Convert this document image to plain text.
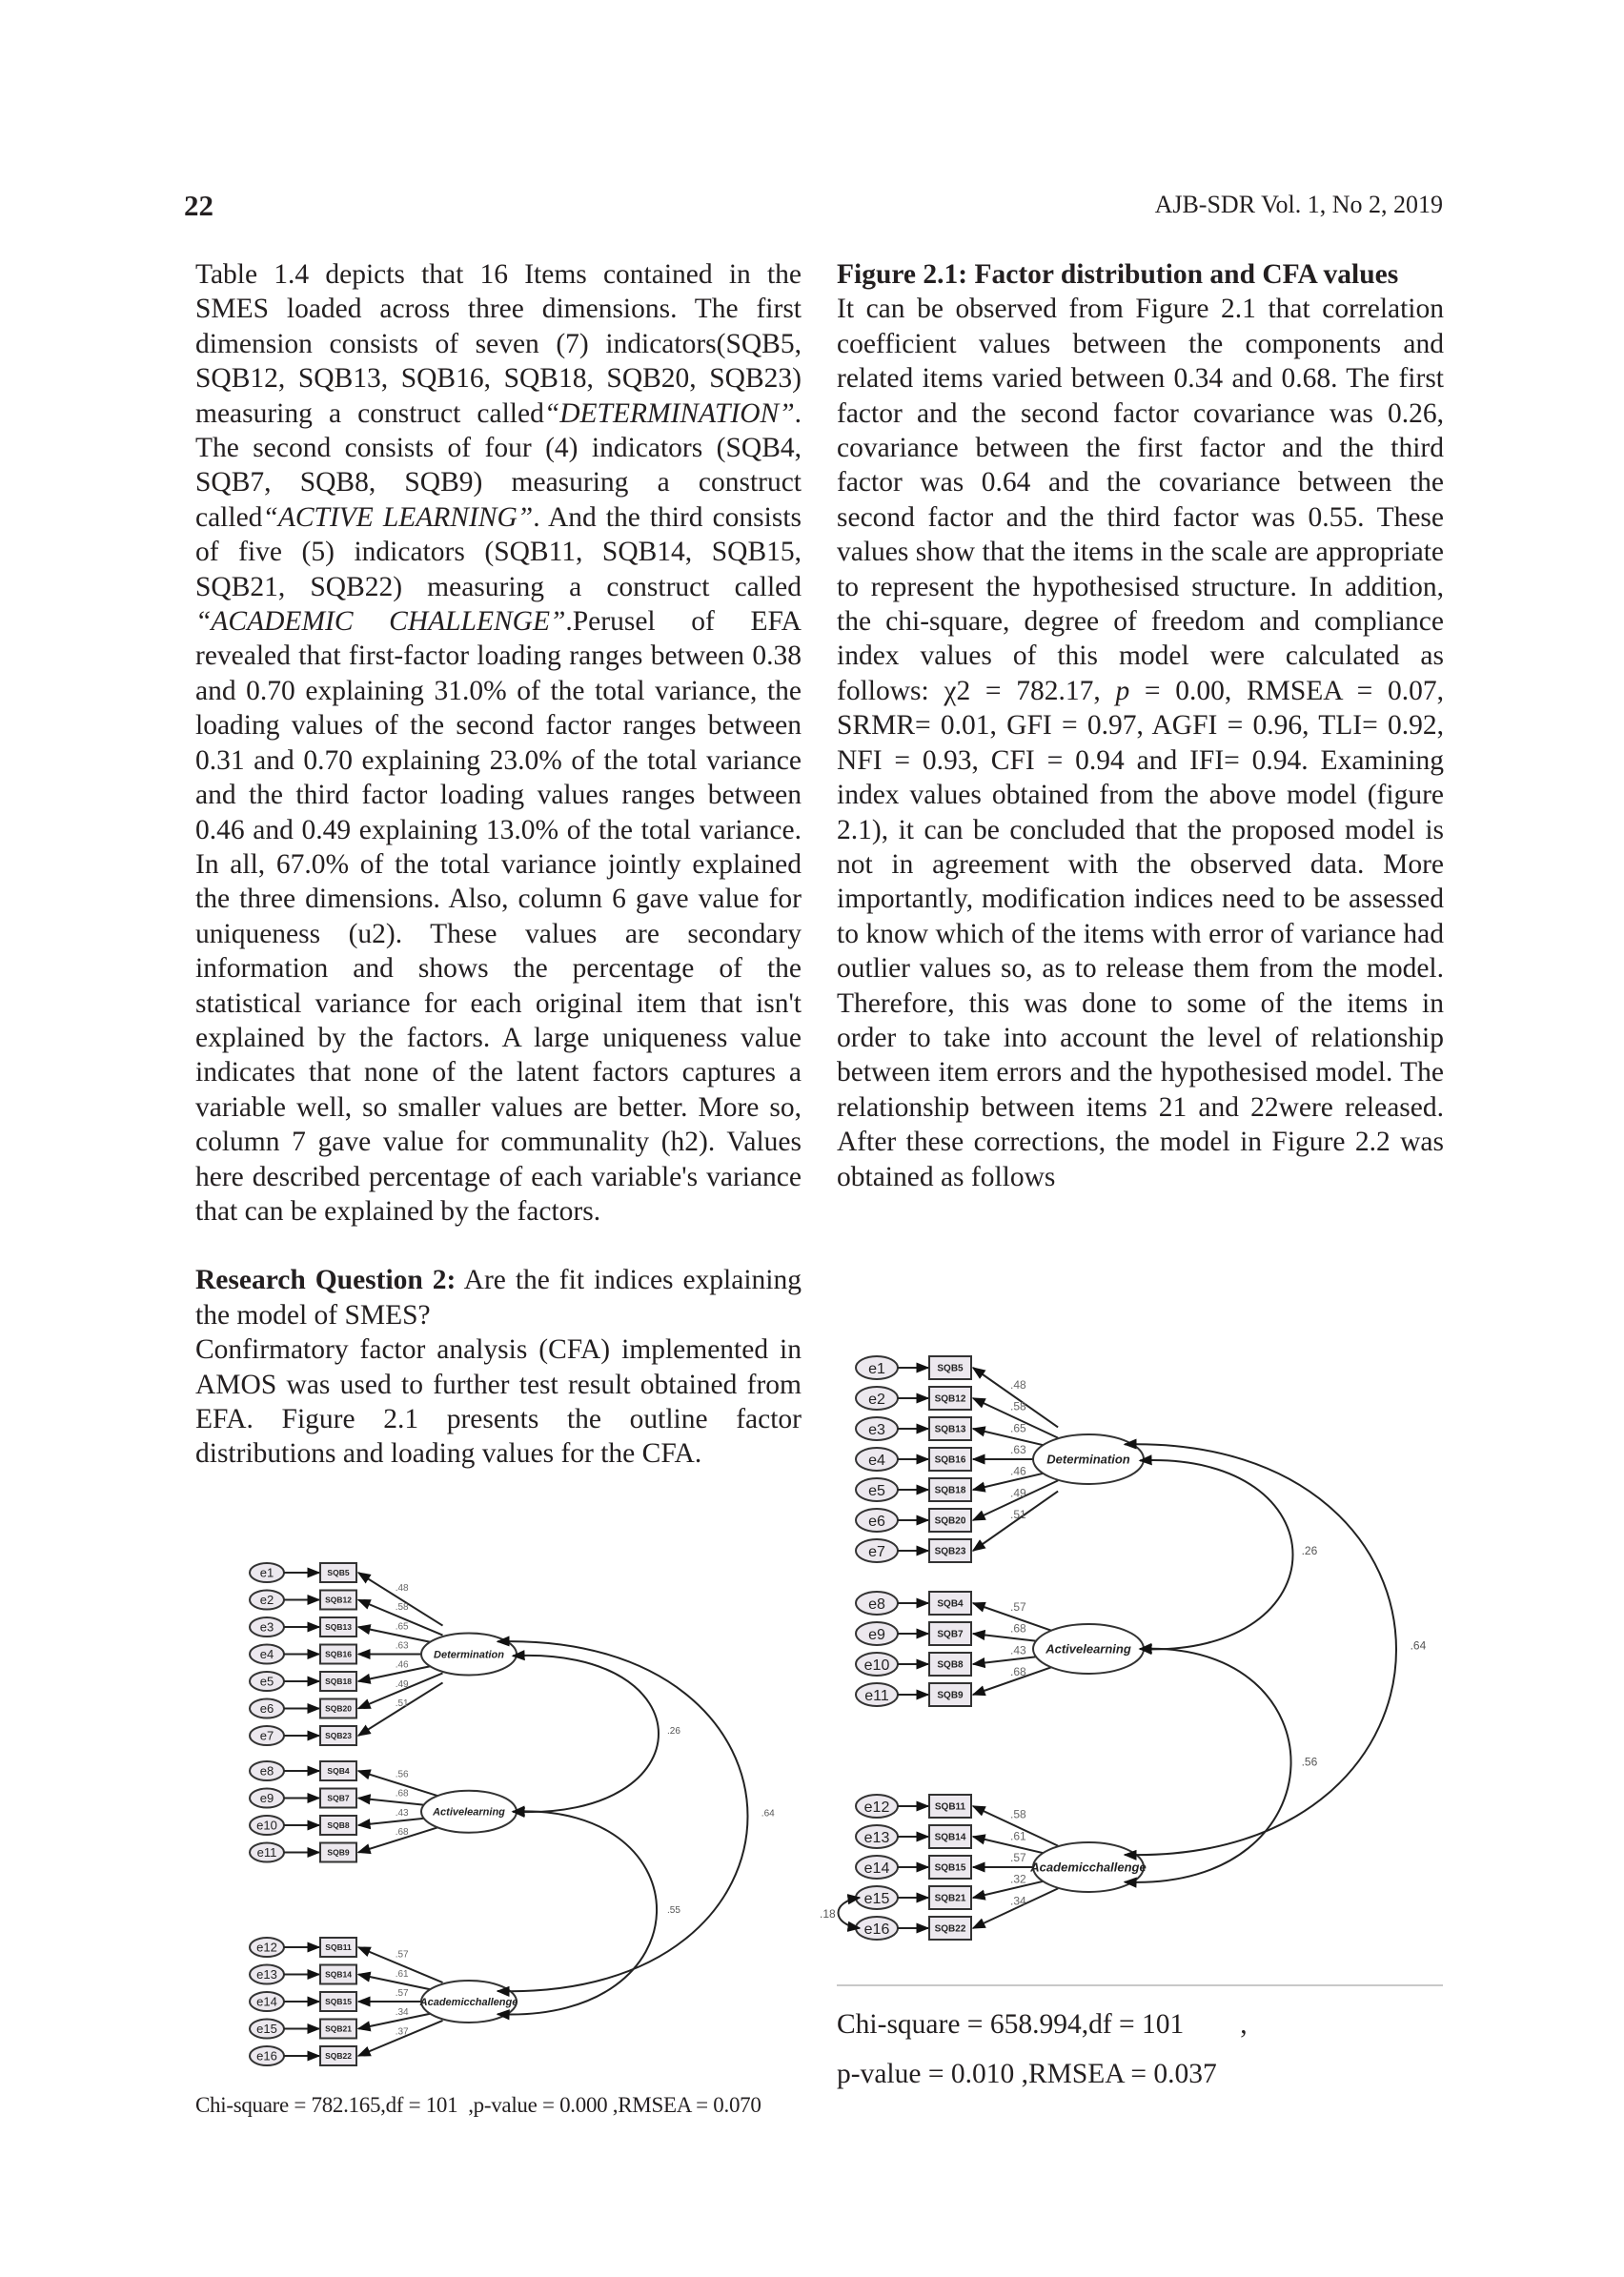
22	AJB-SDR Vol. 1, No 2, 2019

Table 1.4 depicts that 16 Items contained in the SMES loaded across three dimensions. The first dimension consists of seven (7) indicators(SQB5, SQB12, SQB13, SQB16, SQB18, SQB20, SQB23) measuring a construct called“DETERMINATION”. The second consists of four (4) indicators (SQB4, SQB7, SQB8, SQB9) measuring a construct called“ACTIVE LEARNING”. And the third consists of five (5) indicators (SQB11, SQB14, SQB15, SQB21, SQB22) measuring a construct called “ACADEMIC CHALLENGE”.Perusel of EFA revealed that first-factor loading ranges between 0.38 and 0.70 explaining 31.0% of the total variance, the loading values of the second factor ranges between 0.31 and 0.70 explaining 23.0% of the total variance and the third factor loading values ranges between 0.46 and 0.49 explaining 13.0% of the total variance. In all, 67.0% of the total variance jointly explained the three dimensions. Also, column 6 gave value for uniqueness (u2). These values are secondary information and shows the percentage of the statistical variance for each original item that isn't explained by the factors. A large uniqueness value indicates that none of the latent factors captures a variable well, so smaller values are better. More so, column 7 gave value for communality (h2). Values here described percentage of each variable's variance that can be explained by the factors.

Research Question 2: Are the fit indices explaining the model of SMES?

Confirmatory factor analysis (CFA) implemented in AMOS was used to further test result obtained from EFA. Figure 2.1 presents the outline factor distributions and loading values for the CFA.

Figure 2.1: Factor distribution and CFA values

It can be observed from Figure 2.1 that correlation coefficient values between the components and related items varied between 0.34 and 0.68. The first factor and the second factor covariance was 0.26, covariance between the first factor and the third factor was 0.64 and the covariance between the second factor and the third factor was 0.55. These values show that the items in the scale are appropriate to represent the hypothesised structure. In addition, the chi-square, degree of freedom and compliance index values of this model were calculated as follows: χ2 = 782.17, p = 0.00, RMSEA = 0.07, SRMR= 0.01, GFI = 0.97, AGFI = 0.96, TLI= 0.92, NFI = 0.93, CFI = 0.94 and IFI= 0.94. Examining index values obtained from the above model (figure 2.1), it can be concluded that the proposed model is not in agreement with the observed data. More importantly, modification indices need to be assessed to know which of the items with error of variance had outlier values so, as to release them from the model. Therefore, this was done to some of the items in order to take into account the level of relationship between item errors and the hypothesised model. The relationship between items 21 and 22were released. After these corrections, the model in Figure 2.2 was obtained as follows

e1	SQB5
.48
e2	SQB12
.58
e3	SQB13	.65
e4	SQB16
.63
e5	SQB18
.46
e6	SQB20
.49
e7	SQB23
.51
Determination
e8	SQB4	.56
e9	SQB7	.68
e10	SQB8
.43
e11	SQB9
.68
Activelearning
e12	SQB11
.57
e13	SQB14	.61
e14	SQB15
.57
e15	SQB21
.34
e16	SQB22
.37
Academicchallenge
.26
.64
.55
Chi-square = 782.165,df = 101  ,p-value = 0.000 ,RMSEA = 0.070
e1	SQB5
.48
e2	SQB12
.58
e3	SQB13	.65
e4	SQB16
.63
e5	SQB18
.46
e6	SQB20
.49
e7	SQB23
.51
Determination
e8	SQB4	.57
e9	SQB7	.68
e10	SQB8
.43
e11	SQB9
.68
Activelearning
e12	SQB11
.58
e13	SQB14	.61
e14	SQB15
.57
e15	SQB21
.32
e16	SQB22
.34
Academicchallenge
.26
.64
.56
.18
Chi-square = 658.994,df = 101        ,
p-value = 0.010 ,RMSEA = 0.037
